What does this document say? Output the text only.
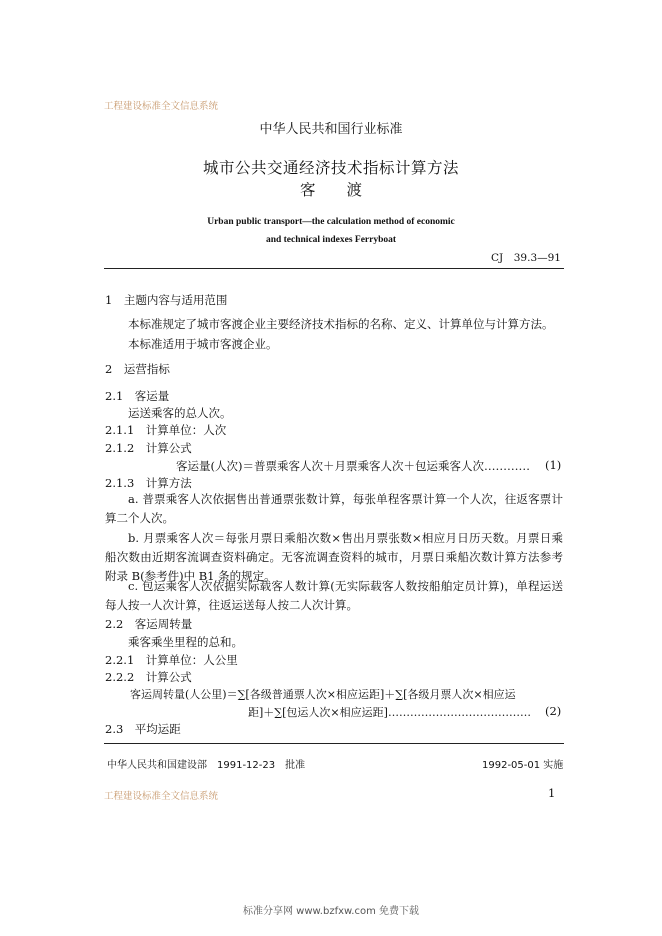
工程建设标准全文信息系统
中华人民共和国行业标准
城市公共交通经济技术指标计算方法
客　　渡
Urban public transport—the calculation method of economic
and technical indexes Ferryboat
CJ　39.3—91
1　主题内容与适用范围
本标准规定了城市客渡企业主要经济技术指标的名称、定义、计算单位与计算方法。
本标准适用于城市客渡企业。
2　运营指标
2.1　客运量
运送乘客的总人次。
2.1.1　计算单位：人次
2.1.2　计算公式
客运量(人次)＝普票乘客人次＋月票乘客人次＋包运乘客人次………… (1)
2.1.3　计算方法
a. 普票乘客人次依据售出普通票张数计算，每张单程客票计算一个人次，往返客票计算二个人次。
b. 月票乘客人次＝每张月票日乘船次数×售出月票张数×相应月日历天数。月票日乘船次数由近期客流调查资料确定。无客流调查资料的城市，月票日乘船次数计算方法参考附录 B(参考件)中 B1 条的规定。
c. 包运乘客人次依据实际载客人数计算(无实际载客人数按船舶定员计算)，单程运送每人按一人次计算，往返运送每人按二人次计算。
2.2　客运周转量
乘客乘坐里程的总和。
2.2.1　计算单位：人公里
2.2.2　计算公式
客运周转量(人公里)＝∑[各级普通票人次×相应运距]＋∑[各级月票人次×相应运
距]＋∑[包运人次×相应运距]………………………………… (2)
2.3　平均运距
中华人民共和国建设部　1991-12-23　批准	1992-05-01 实施
工程建设标准全文信息系统	1
标准分享网 www.bzfxw.com 免费下载
